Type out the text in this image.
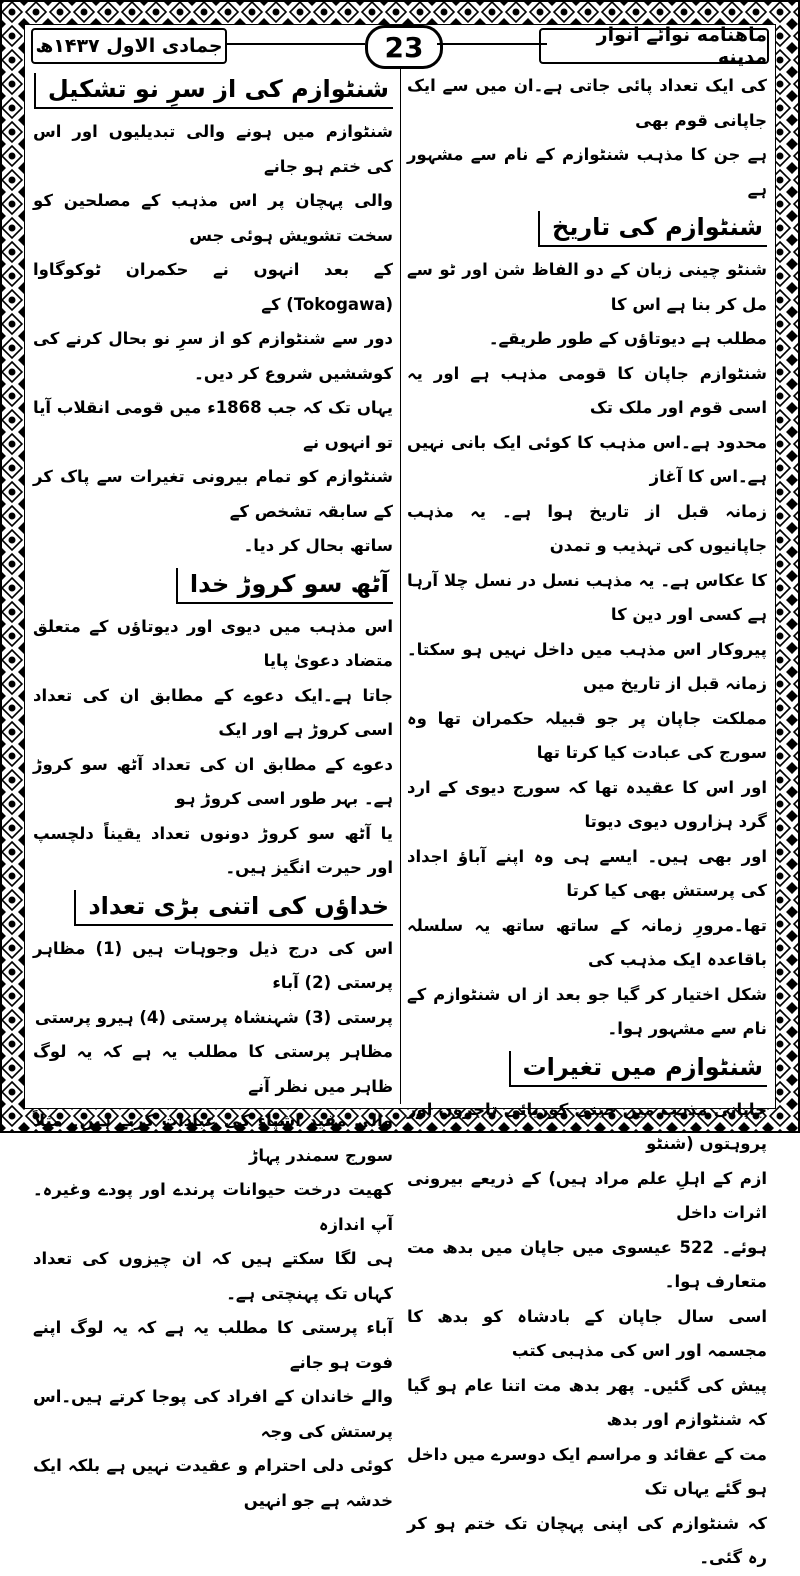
جمادی الاول ۱۴۳۷ھ	23	ماهنامه نوائے انوار مدینه

کی ایک تعداد پائی جاتی ہے۔ان میں سے ایک جاپانی قوم بھی

ہے جن کا مذہب شنٹوازم کے نام سے مشہور ہے

شنٹوازم کی تاریخ

شنٹو چینی زبان کے دو الفاظ شن اور ٹو سے مل کر بنا ہے اس کا

مطلب ہے دیوتاؤں کے طور طریقے۔

شنٹوازم جاپان کا قومی مذہب ہے اور یہ اسی قوم اور ملک تک

محدود ہے۔اس مذہب کا کوئی ایک بانی نہیں ہے۔اس کا آغاز

زمانہ قبل از تاریخ ہوا ہے۔ یہ مذہب جاپانیوں کی تہذیب و تمدن

کا عکاس ہے۔ یہ مذہب نسل در نسل چلا آرہا ہے کسی اور دین کا

پیروکار اس مذہب میں داخل نہیں ہو سکتا۔زمانہ قبل از تاریخ میں

مملکت جاپان پر جو قبیلہ حکمران تھا وہ سورج کی عبادت کیا کرتا تھا

اور اس کا عقیدہ تھا کہ سورج دیوی کے ارد گرد ہزاروں دیوی دیوتا

اور بھی ہیں۔ ایسے ہی وہ اپنے آباؤ اجداد کی پرستش بھی کیا کرتا

تھا۔مرورِ زمانہ کے ساتھ ساتھ یہ سلسلہ باقاعدہ ایک مذہب کی

شکل اختیار کر گیا جو بعد از اں شنٹوازم کے نام سے مشہور ہوا۔

شنٹوازم میں تغیرات

جاپانی مذہب میں چینی کوریائی تاجروں اور پروہتوں (شنٹو

ازم کے اہلِ علم مراد ہیں) کے ذریعے بیرونی اثرات داخل

ہوئے۔ 522 عیسوی میں جاپان میں بدھ مت متعارف ہوا۔

اسی سال جاپان کے بادشاہ کو بدھ کا مجسمہ اور اس کی مذہبی کتب

پیش کی گئیں۔ پھر بدھ مت اتنا عام ہو گیا کہ شنٹوازم اور بدھ

مت کے عقائد و مراسم ایک دوسرے میں داخل ہو گئے یہاں تک

کہ شنٹوازم کی اپنی پہچان تک ختم ہو کر رہ گئی۔

شنٹوازم کی از سرِ نو تشکیل

شنٹوازم میں ہونے والی تبدیلیوں اور اس کی ختم ہو جانے

والی پہچان پر اس مذہب کے مصلحین کو سخت تشویش ہوئی جس

کے بعد انہوں نے حکمران ٹوکوگاوا (Tokogawa) کے

دور سے شنٹوازم کو از سرِ نو بحال کرنے کی کوششیں شروع کر دیں۔

یہاں تک کہ جب 1868ء میں قومی انقلاب آیا تو انہوں نے

شنٹوازم کو تمام بیرونی تغیرات سے پاک کر کے سابقہ تشخص کے

ساتھ بحال کر دیا۔

آٹھ سو کروڑ خدا

اس مذہب میں دیوی اور دیوتاؤں کے متعلق متضاد دعویٰ پایا

جاتا ہے۔ایک دعوے کے مطابق ان کی تعداد اسی کروڑ ہے اور ایک

دعوے کے مطابق ان کی تعداد آٹھ سو کروڑ ہے۔ بہر طور اسی کروڑ ہو

یا آٹھ سو کروڑ دونوں تعداد یقیناً دلچسپ اور حیرت انگیز ہیں۔

خداؤں کی اتنی بڑی تعداد

اس کی درج ذیل وجوہات ہیں (1) مظاہر پرستی (2) آباء

پرستی (3) شہنشاہ پرستی (4) ہیرو پرستی

مظاہر پرستی کا مطلب یہ ہے کہ یہ لوگ ظاہر میں نظر آنے

والی مفید اشیاء کی عبادات کرتے ہیں۔ مثلاً سورج سمندر پہاڑ

کھیت درخت حیوانات پرندے اور پودے وغیرہ۔آپ اندازہ

ہی لگا سکتے ہیں کہ ان چیزوں کی تعداد کہاں تک پہنچتی ہے۔

آباء پرستی کا مطلب یہ ہے کہ یہ لوگ اپنے فوت ہو جانے

والے خاندان کے افراد کی پوجا کرتے ہیں۔اس پرستش کی وجہ

کوئی دلی احترام و عقیدت نہیں ہے بلکہ ایک خدشہ ہے جو انہیں
